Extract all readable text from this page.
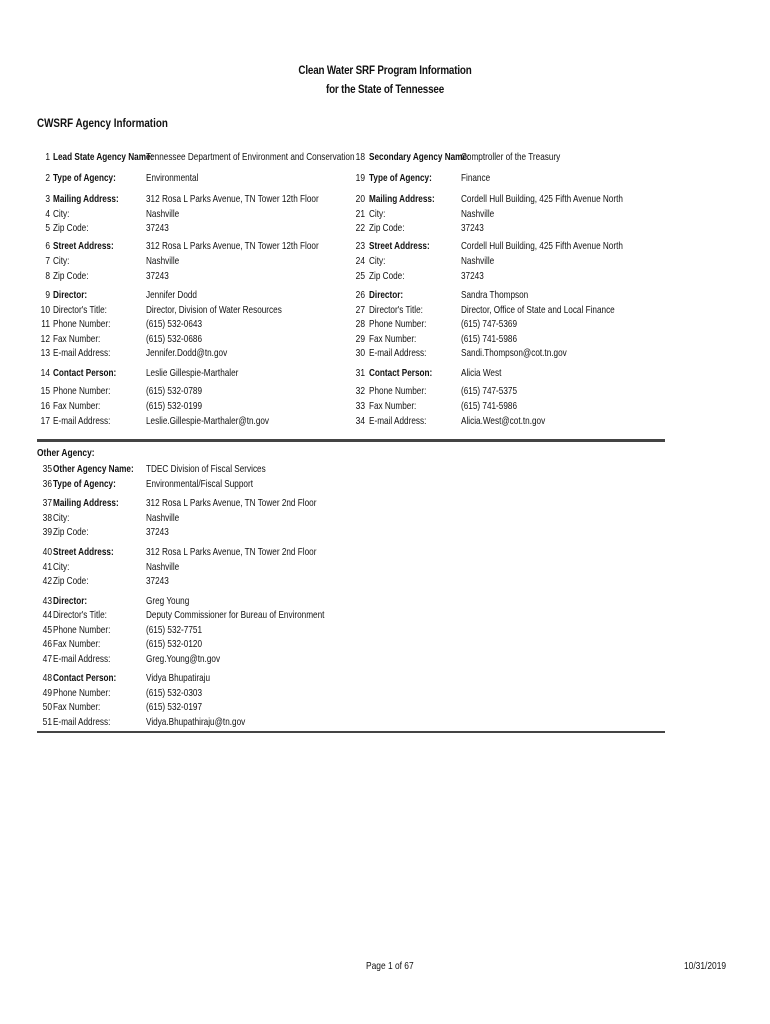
Clean Water SRF Program Information
for the State of Tennessee
CWSRF Agency Information
1 Lead State Agency Name:
Tennessee Department of Environment and Conservation
2 Type of Agency:	Environmental
3 Mailing Address:	312 Rosa L Parks Avenue, TN Tower 12th Floor
4 City:	Nashville
5 Zip Code:	37243
6 Street Address:	312 Rosa L Parks Avenue, TN Tower 12th Floor
7 City:	Nashville
8 Zip Code:	37243
9 Director:	Jennifer Dodd
10 Director's Title:	Director, Division of Water Resources
11 Phone Number:	(615) 532-0643
12 Fax Number:	(615) 532-0686
13 E-mail Address:	Jennifer.Dodd@tn.gov
14 Contact Person:	Leslie Gillespie-Marthaler
15 Phone Number:	(615) 532-0789
16 Fax Number:	(615) 532-0199
17 E-mail Address:	Leslie.Gillespie-Marthaler@tn.gov
18 Secondary Agency Name:
Comptroller of the Treasury
19 Type of Agency:	Finance
20 Mailing Address:	Cordell Hull Building, 425 Fifth Avenue North
21 City:	Nashville
22 Zip Code:	37243
23 Street Address:	Cordell Hull Building, 425 Fifth Avenue North
24 City:	Nashville
25 Zip Code:	37243
26 Director:	Sandra Thompson
27 Director's Title:	Director, Office of State and Local Finance
28 Phone Number:	(615) 747-5369
29 Fax Number:	(615) 741-5986
30 E-mail Address:	Sandi.Thompson@cot.tn.gov
31 Contact Person:	Alicia West
32 Phone Number:	(615) 747-5375
33 Fax Number:	(615) 741-5986
34 E-mail Address:	Alicia.West@cot.tn.gov
Other Agency:
35 Other Agency Name: TDEC Division of Fiscal Services
36 Type of Agency:	Environmental/Fiscal Support
37 Mailing Address:	312 Rosa L Parks Avenue, TN Tower 2nd Floor
38 City:	Nashville
39 Zip Code:	37243
40 Street Address:	312 Rosa L Parks Avenue, TN Tower 2nd Floor
41 City:	Nashville
42 Zip Code:	37243
43 Director:	Greg Young
44 Director's Title:	Deputy Commissioner for Bureau of Environment
45 Phone Number:	(615) 532-7751
46 Fax Number:	(615) 532-0120
47 E-mail Address:	Greg.Young@tn.gov
48 Contact Person:	Vidya Bhupatiraju
49 Phone Number:	(615) 532-0303
50 Fax Number:	(615) 532-0197
51 E-mail Address:	Vidya.Bhupathiraju@tn.gov
Page 1 of 67	10/31/2019
